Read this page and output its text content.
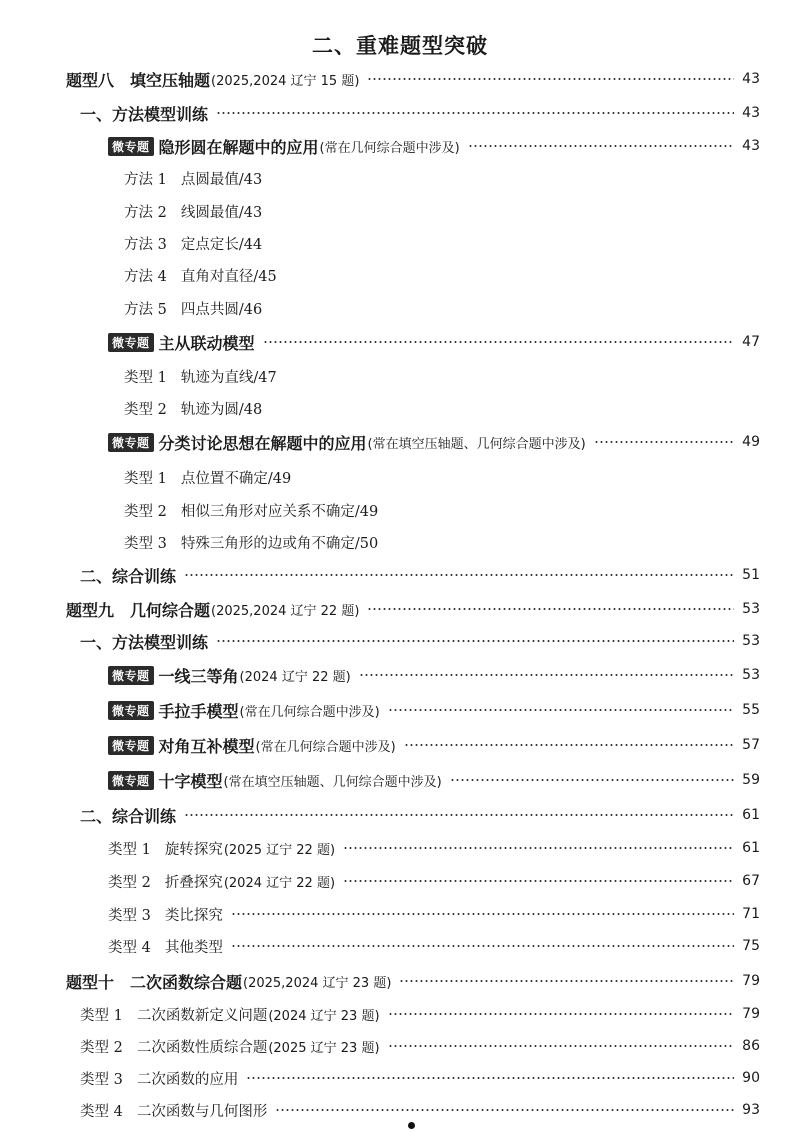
二、重难题型突破
题型八　填空压轴题 (2025,2024 辽宁 15 题)	43
一、方法模型训练	43
微专题 隐形圆在解题中的应用 (常在几何综合题中涉及)	43
方法 1 点圆最值/43
方法 2 线圆最值/43
方法 3 定点定长/44
方法 4 直角对直径/45
方法 5 四点共圆/46
微专题 主从联动模型	47
类型 1 轨迹为直线/47
类型 2 轨迹为圆/48
微专题 分类讨论思想在解题中的应用 (常在填空压轴题、几何综合题中涉及)	49
类型 1 点位置不确定/49
类型 2 相似三角形对应关系不确定/49
类型 3 特殊三角形的边或角不确定/50
二、综合训练	51
题型九　几何综合题 (2025,2024 辽宁 22 题)	53
一、方法模型训练	53
微专题 一线三等角 (2024 辽宁 22 题)	53
微专题 手拉手模型 (常在几何综合题中涉及)	55
微专题 对角互补模型 (常在几何综合题中涉及)	57
微专题 十字模型 (常在填空压轴题、几何综合题中涉及)	59
二、综合训练	61
类型 1 旋转探究 (2025 辽宁 22 题)	61
类型 2 折叠探究 (2024 辽宁 22 题)	67
类型 3 类比探究	71
类型 4 其他类型	75
题型十　二次函数综合题 (2025,2024 辽宁 23 题)	79
类型 1 二次函数新定义问题 (2024 辽宁 23 题)	79
类型 2 二次函数性质综合题 (2025 辽宁 23 题)	86
类型 3 二次函数的应用	90
类型 4 二次函数与几何图形	93
